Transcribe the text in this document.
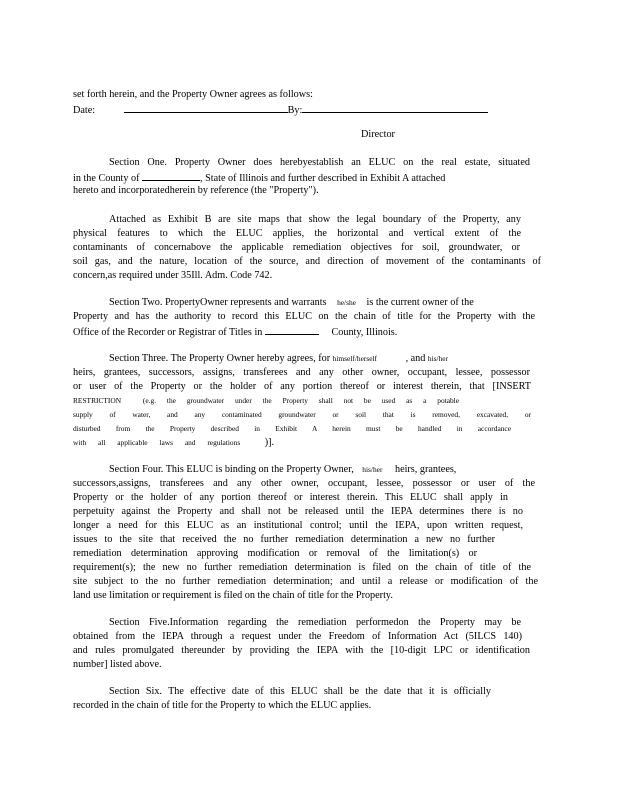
set forth herein, and the Property Owner agrees as follows:
Date:	By:
Director
Section One. Property Owner does herebyestablish an ELUC on the real estate, situated
in the County of	, State of Illinois and further described in Exhibit A attached
hereto and incorporatedherein by reference (the "Property").
Attached as Exhibit B are site maps that show the legal boundary of the Property, any
physical features to which the ELUC applies, the horizontal and vertical extent of the
contaminants of concernabove the applicable remediation objectives for soil, groundwater, or
soil gas, and the nature, location of the source, and direction of movement of the contaminants of
concern,as required under 35Ill. Adm. Code 742.
Section Two. PropertyOwner represents and warrants he/she is the current owner of the
Property and has the authority to record this ELUC on the chain of title for the Property with the
Office of the Recorder or Registrar of Titles in	County, Illinois.
Section Three. The Property Owner hereby agrees, for himself/herself	, and his/her
heirs, grantees, successors, assigns, transferees and any other owner, occupant, lessee, possessor
or user of the Property or the holder of any portion thereof or interest therein, that [INSERT
RESTRICTION	(e.g. the groundwater under the Property shall not be used as a potable
supply of water, and any contaminated groundwater or soil that is removed, excavated, or
disturbed from the Property described in Exhibit A herein must be handled in accordance
with all applicable laws and regulations )].
Section Four. This ELUC is binding on the Property Owner, his/her heirs, grantees,
successors,assigns, transferees and any other owner, occupant, lessee, possessor or user of the
Property or the holder of any portion thereof or interest therein. This ELUC shall apply in
perpetuity against the Property and shall not be released until the IEPA determines there is no
longer a need for this ELUC as an institutional control; until the IEPA, upon written request,
issues to the site that received the no further remediation determination a new no further
remediation determination approving modification or removal of the limitation(s) or
requirement(s); the new no further remediation determination is filed on the chain of title of the
site subject to the no further remediation determination; and until a release or modification of the
land use limitation or requirement is filed on the chain of title for the Property.
Section Five.Information regarding the remediation performedon the Property may be
obtained from the IEPA through a request under the Freedom of Information Act (5ILCS 140)
and rules promulgated thereunder by providing the IEPA with the [10-digit LPC or identification
number] listed above.
Section Six. The effective date of this ELUC shall be the date that it is officially
recorded in the chain of title for the Property to which the ELUC applies.
